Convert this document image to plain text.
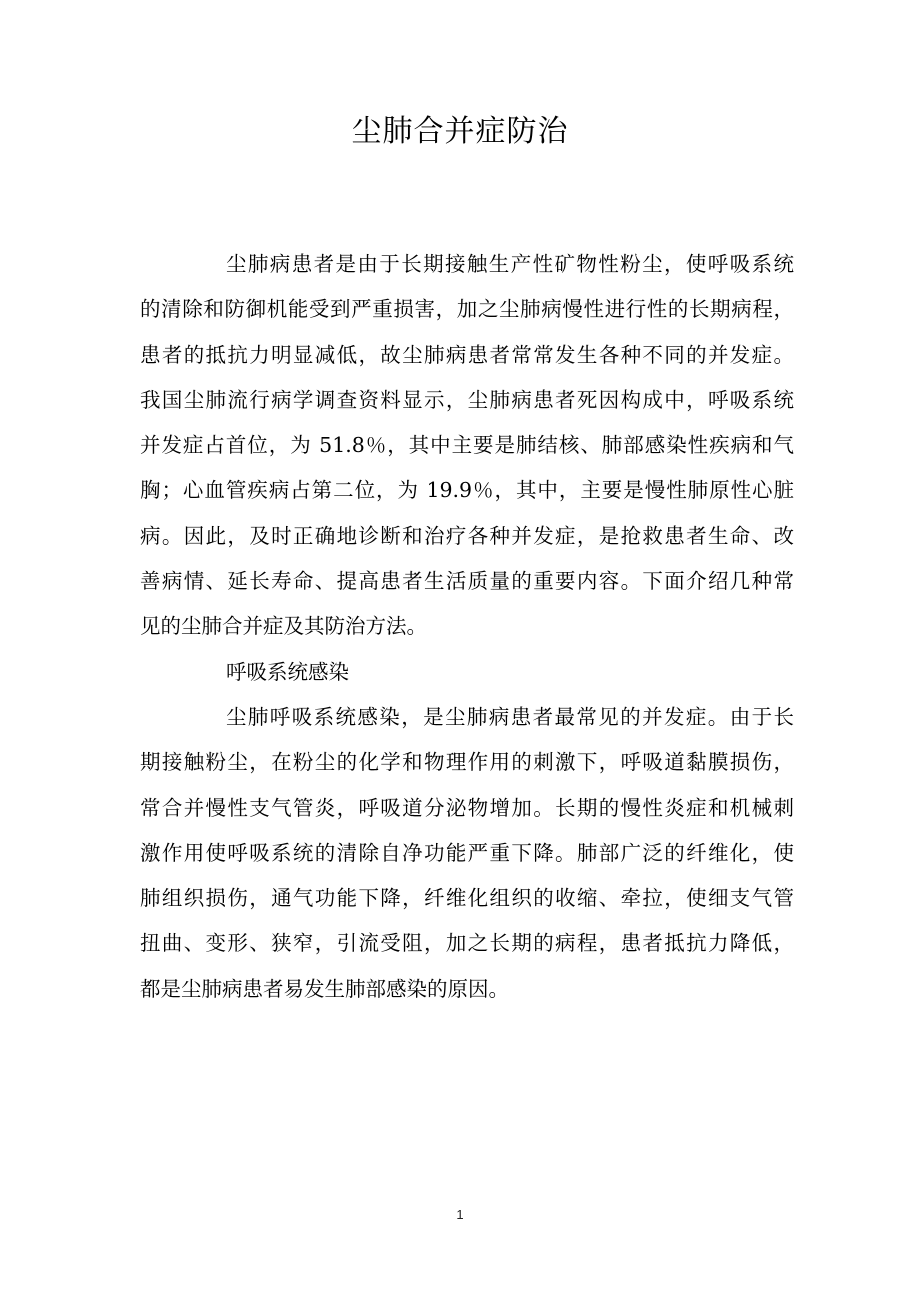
尘肺合并症防治
尘肺病患者是由于长期接触生产性矿物性粉尘，使呼吸系统
的清除和防御机能受到严重损害，加之尘肺病慢性进行性的长期病程，
患者的抵抗力明显减低，故尘肺病患者常常发生各种不同的并发症。
我国尘肺流行病学调查资料显示，尘肺病患者死因构成中，呼吸系统
并发症占首位，为 51.8％，其中主要是肺结核、肺部感染性疾病和气
胸；心血管疾病占第二位，为 19.9％，其中，主要是慢性肺原性心脏
病。因此，及时正确地诊断和治疗各种并发症，是抢救患者生命、改
善病情、延长寿命、提高患者生活质量的重要内容。下面介绍几种常
见的尘肺合并症及其防治方法。
呼吸系统感染
尘肺呼吸系统感染，是尘肺病患者最常见的并发症。由于长
期接触粉尘，在粉尘的化学和物理作用的刺激下，呼吸道黏膜损伤，
常合并慢性支气管炎，呼吸道分泌物增加。长期的慢性炎症和机械刺
激作用使呼吸系统的清除自净功能严重下降。肺部广泛的纤维化，使
肺组织损伤，通气功能下降，纤维化组织的收缩、牵拉，使细支气管
扭曲、变形、狭窄，引流受阻，加之长期的病程，患者抵抗力降低，
都是尘肺病患者易发生肺部感染的原因。
1
